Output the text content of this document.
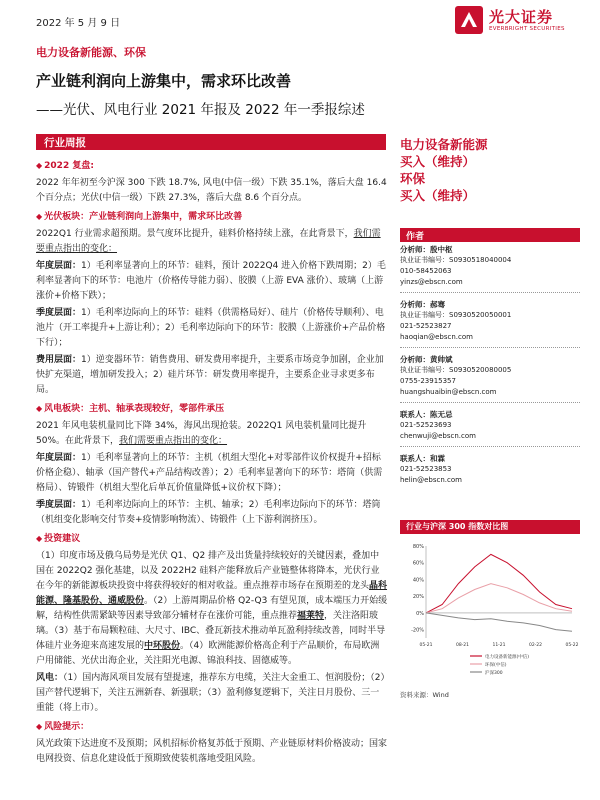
2022 年 5 月 9 日	光大证券
EVERBRIGHT SECURITIES
电力设备新能源、环保
产业链利润向上游集中，需求环比改善
——光伏、风电行业 2021 年报及 2022 年一季报综述
行业周报
◆ 2022 复盘:
2022 年年初至今沪深 300 下跌 18.7%, 风电(中信一级）下跌 35.1%，落后大盘 16.4 个百分点；光伏(中信一级）下跌 27.3%，落后大盘 8.6 个百分点。
◆ 光伏板块：产业链利润向上游集中，需求环比改善
2022Q1 行业需求超预期。景气度环比提升，硅料价格持续上涨，在此背景下，我们需要重点指出的变化：
年度层面：1）毛利率显著向上的环节：硅料，预计 2022Q4 进入价格下跌周期；2）毛利率显著向下的环节：电池片（价格传导能力弱）、胶膜（上游 EVA 涨价）、玻璃（上游涨价+价格下跌）；
季度层面：1）毛利率边际向上的环节：硅料（供需格局好）、硅片（价格传导顺利）、电池片（开工率提升+上游让利）；2）毛利率边际向下的环节：胶膜（上游涨价+产品价格下行）；
费用层面：1）逆变器环节：销售费用、研发费用率提升，主要系市场竞争加剧，企业加快扩充渠道，增加研发投入；2）硅片环节：研发费用率提升，主要系企业寻求更多布局。
◆ 风电板块：主机、轴承表现较好，零部件承压
2021 年风电装机量同比下降 34%，海风出现抢装。2022Q1 风电装机量同比提升 50%。在此背景下，我们需要重点指出的变化：
年度层面：1）毛利率显著向上的环节：主机（机组大型化+对零部件议价权提升+招标价格企稳）、轴承（国产替代+产品结构改善）；2）毛利率显著向下的环节：塔筒（供需格局）、铸锻件（机组大型化后单瓦价值量降低+议价权下降）；
季度层面：1）毛利率边际向上的环节：主机、轴承；2）毛利率边际向下的环节：塔筒（机组变化影响交付节奏+疫情影响物流）、铸锻件（上下游利润挤压）。
◆ 投资建议
（1）印度市场及俄乌局势是光伏 Q1、Q2 排产及出货量持续较好的关键因素，叠加中国在 2022Q2 强化基建，以及 2022H2 硅料产能释放后产业链整体将降本，光伏行业在今年的新能源板块投资中将获得较好的相对收益。重点推荐市场存在预期差的龙头晶科能源、隆基股份、通威股份。（2）上游周期品价格 Q2-Q3 有望见顶，成本端压力开始缓解，结构性供需紧缺等因素导致部分辅材存在涨价可能，重点推荐福莱特，关注洛阳玻璃。（3）基于布局颗粒硅、大尺寸、IBC、叠瓦新技术推动单瓦盈利持续改善，同时半导体硅片业务迎来高速发展的中环股份。（4）欧洲能源价格高企利于产品顺价，布局欧洲户用储能、光伏出海企业，关注阳光电源、锦浪科技、固德威等。
风电：（1）国内海风项目发展有望提速，推荐东方电缆，关注大金重工、恒润股份；（2）国产替代逻辑下，关注五洲新春、新强联；（3）盈利修复逻辑下，关注日月股份、三一重能（将上市）。
◆ 风险提示：
风光政策下达进度不及预期；风机招标价格复苏低于预期、产业链原材料价格波动；国家电网投资、信息化建设低于预期致使装机落地受阻风险。
电力设备新能源
买入（维持）
环保
买入（维持）
作者
分析师：殷中枢
执业证书编号：S0930518040004
010-58452063
yinzs@ebscn.com
分析师：郝骞
执业证书编号：S0930520050001
021-52523827
haoqian@ebscn.com
分析师：黄帅斌
执业证书编号：S0930520080005
0755-23915357
huangshuaibin@ebscn.com
联系人：陈无忌
021-52523693
chenwuji@ebscn.com
联系人：和霖
021-52523853
helin@ebscn.com
行业与沪深 300 指数对比图
80%
60%
40%
20%
0%
-20%
05-21	08-21	11-21	02-22	05-22
电力设备新能源(中信)
环保(中信)
沪深300
资料来源：Wind
